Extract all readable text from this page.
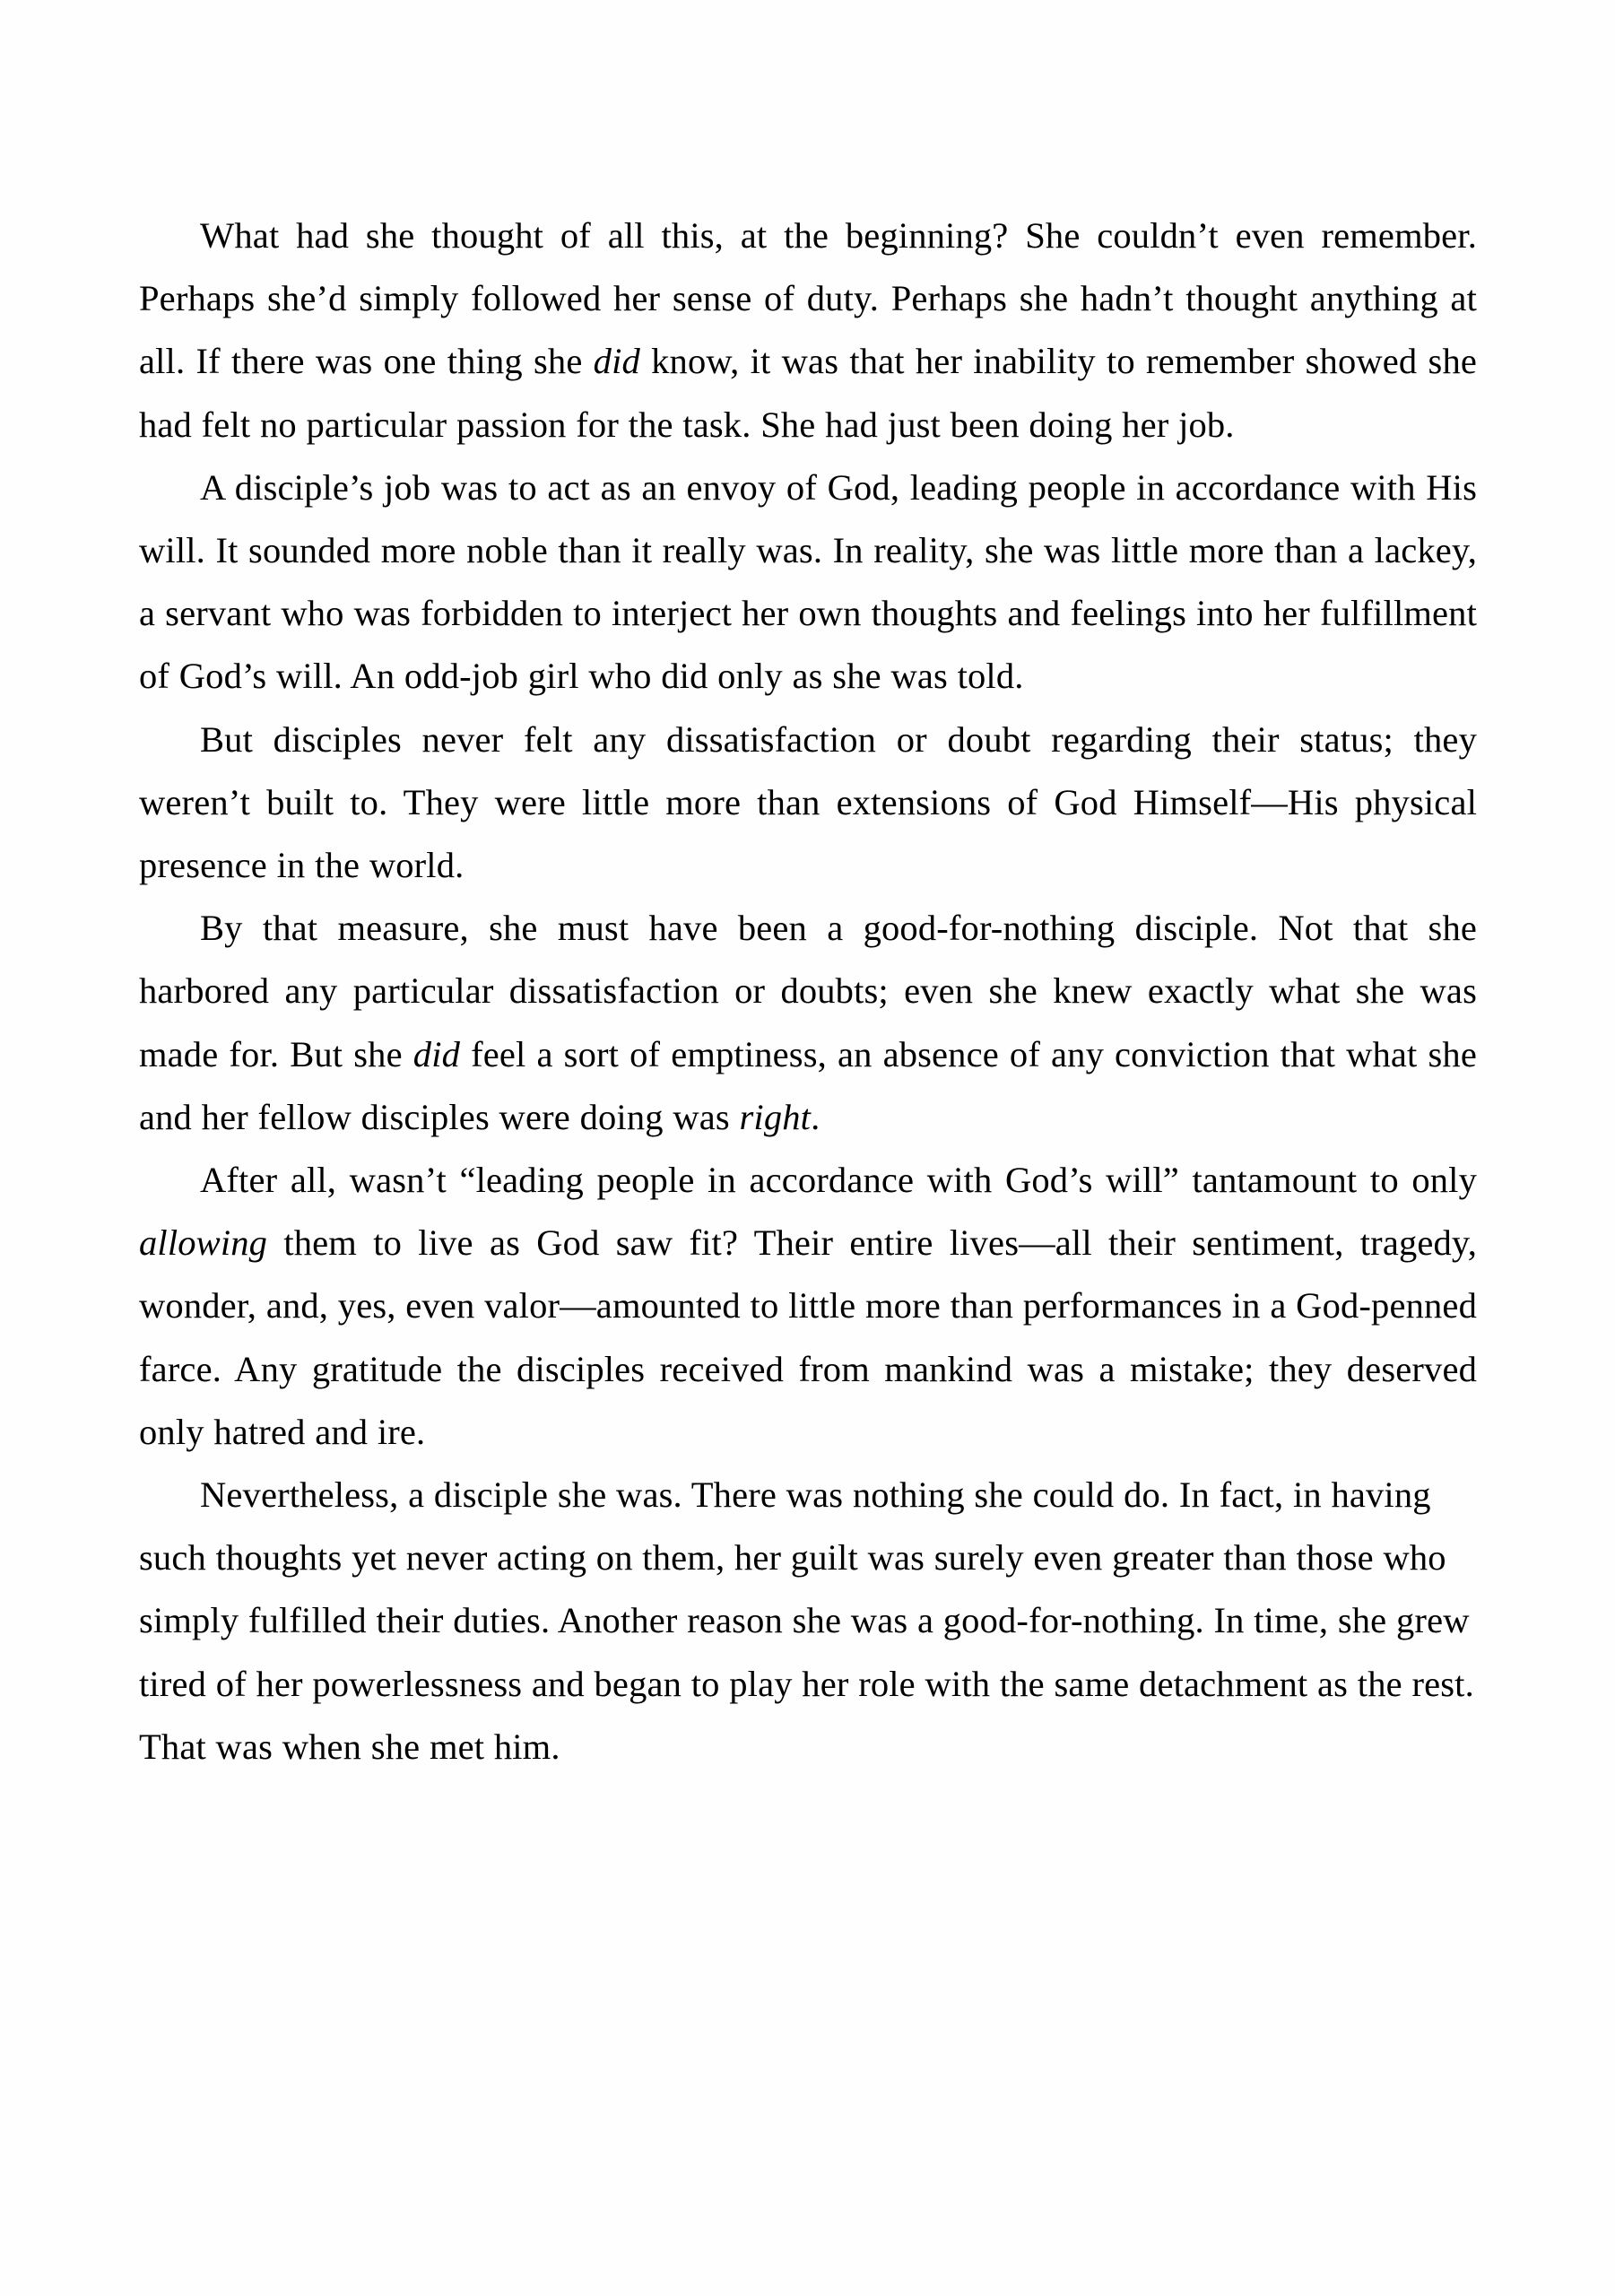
What had she thought of all this, at the beginning? She couldn’t even remember. Perhaps she’d simply followed her sense of duty. Perhaps she hadn’t thought anything at all. If there was one thing she did know, it was that her inability to remember showed she had felt no particular passion for the task. She had just been doing her job.

A disciple’s job was to act as an envoy of God, leading people in accordance with His will. It sounded more noble than it really was. In reality, she was little more than a lackey, a servant who was forbidden to interject her own thoughts and feelings into her fulfillment of God’s will. An odd-job girl who did only as she was told.

But disciples never felt any dissatisfaction or doubt regarding their status; they weren’t built to. They were little more than extensions of God Himself—His physical presence in the world.

By that measure, she must have been a good-for-nothing disciple. Not that she harbored any particular dissatisfaction or doubts; even she knew exactly what she was made for. But she did feel a sort of emptiness, an absence of any conviction that what she and her fellow disciples were doing was right.

After all, wasn’t “leading people in accordance with God’s will” tantamount to only allowing them to live as God saw fit? Their entire lives—all their sentiment, tragedy, wonder, and, yes, even valor—amounted to little more than performances in a God-penned farce. Any gratitude the disciples received from mankind was a mistake; they deserved only hatred and ire.

Nevertheless, a disciple she was. There was nothing she could do. In fact, in having such thoughts yet never acting on them, her guilt was surely even greater than those who simply fulfilled their duties. Another reason she was a good-for-nothing. In time, she grew tired of her powerlessness and began to play her role with the same detachment as the rest. That was when she met him.
